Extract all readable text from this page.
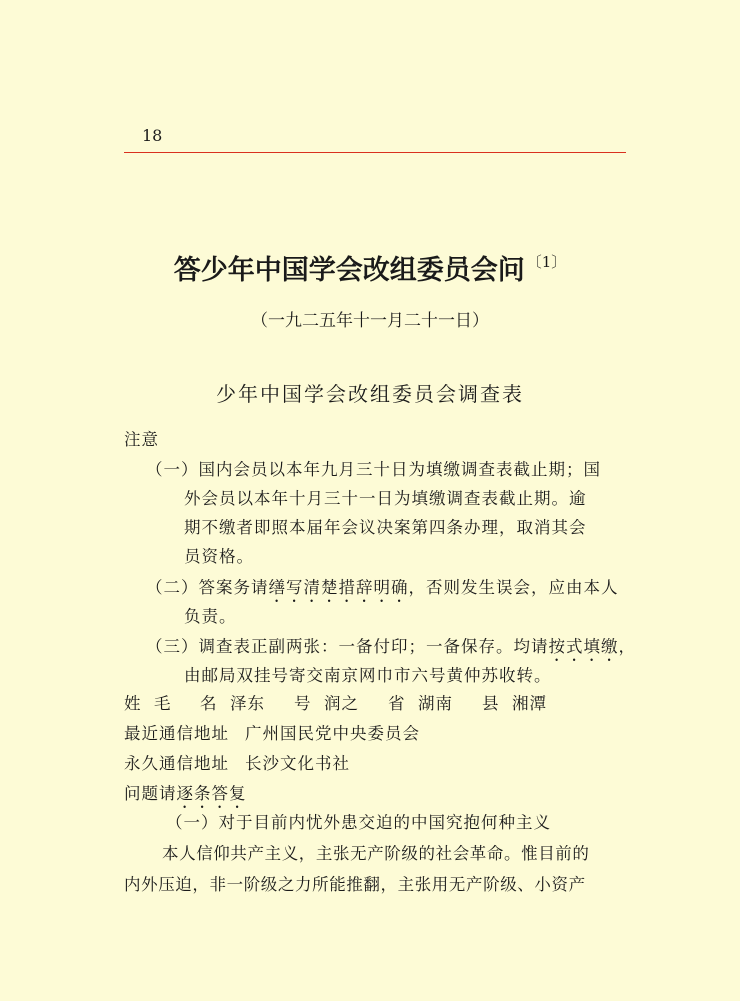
18
答少年中国学会改组委员会问 $^{〔1〕}$
（一九二五年十一月二十一日）
少年中国学会改组委员会调查表
注意
（一）国内会员以本年九月三十日为填缴调查表截止期；国
外会员以本年十月三十一日为填缴调查表截止期。逾
期不缴者即照本届年会议决案第四条办理，取消其会
员资格。
（二）答案务请缮写清楚措辞明确，否则发生误会，应由本人
负责。
（三）调查表正副两张：一备付印；一备保存。均请按式填缴，
由邮局双挂号寄交南京网巾市六号黄仲苏收转。
姓 毛 名 泽东 号 润之 省 湖南 县 湘潭
最近通信地址 广州国民党中央委员会
永久通信地址 长沙文化书社
问题请逐条答复
（一）对于目前内忧外患交迫的中国究抱何种主义
本人信仰共产主义，主张无产阶级的社会革命。惟目前的
内外压迫，非一阶级之力所能推翻，主张用无产阶级、小资产
